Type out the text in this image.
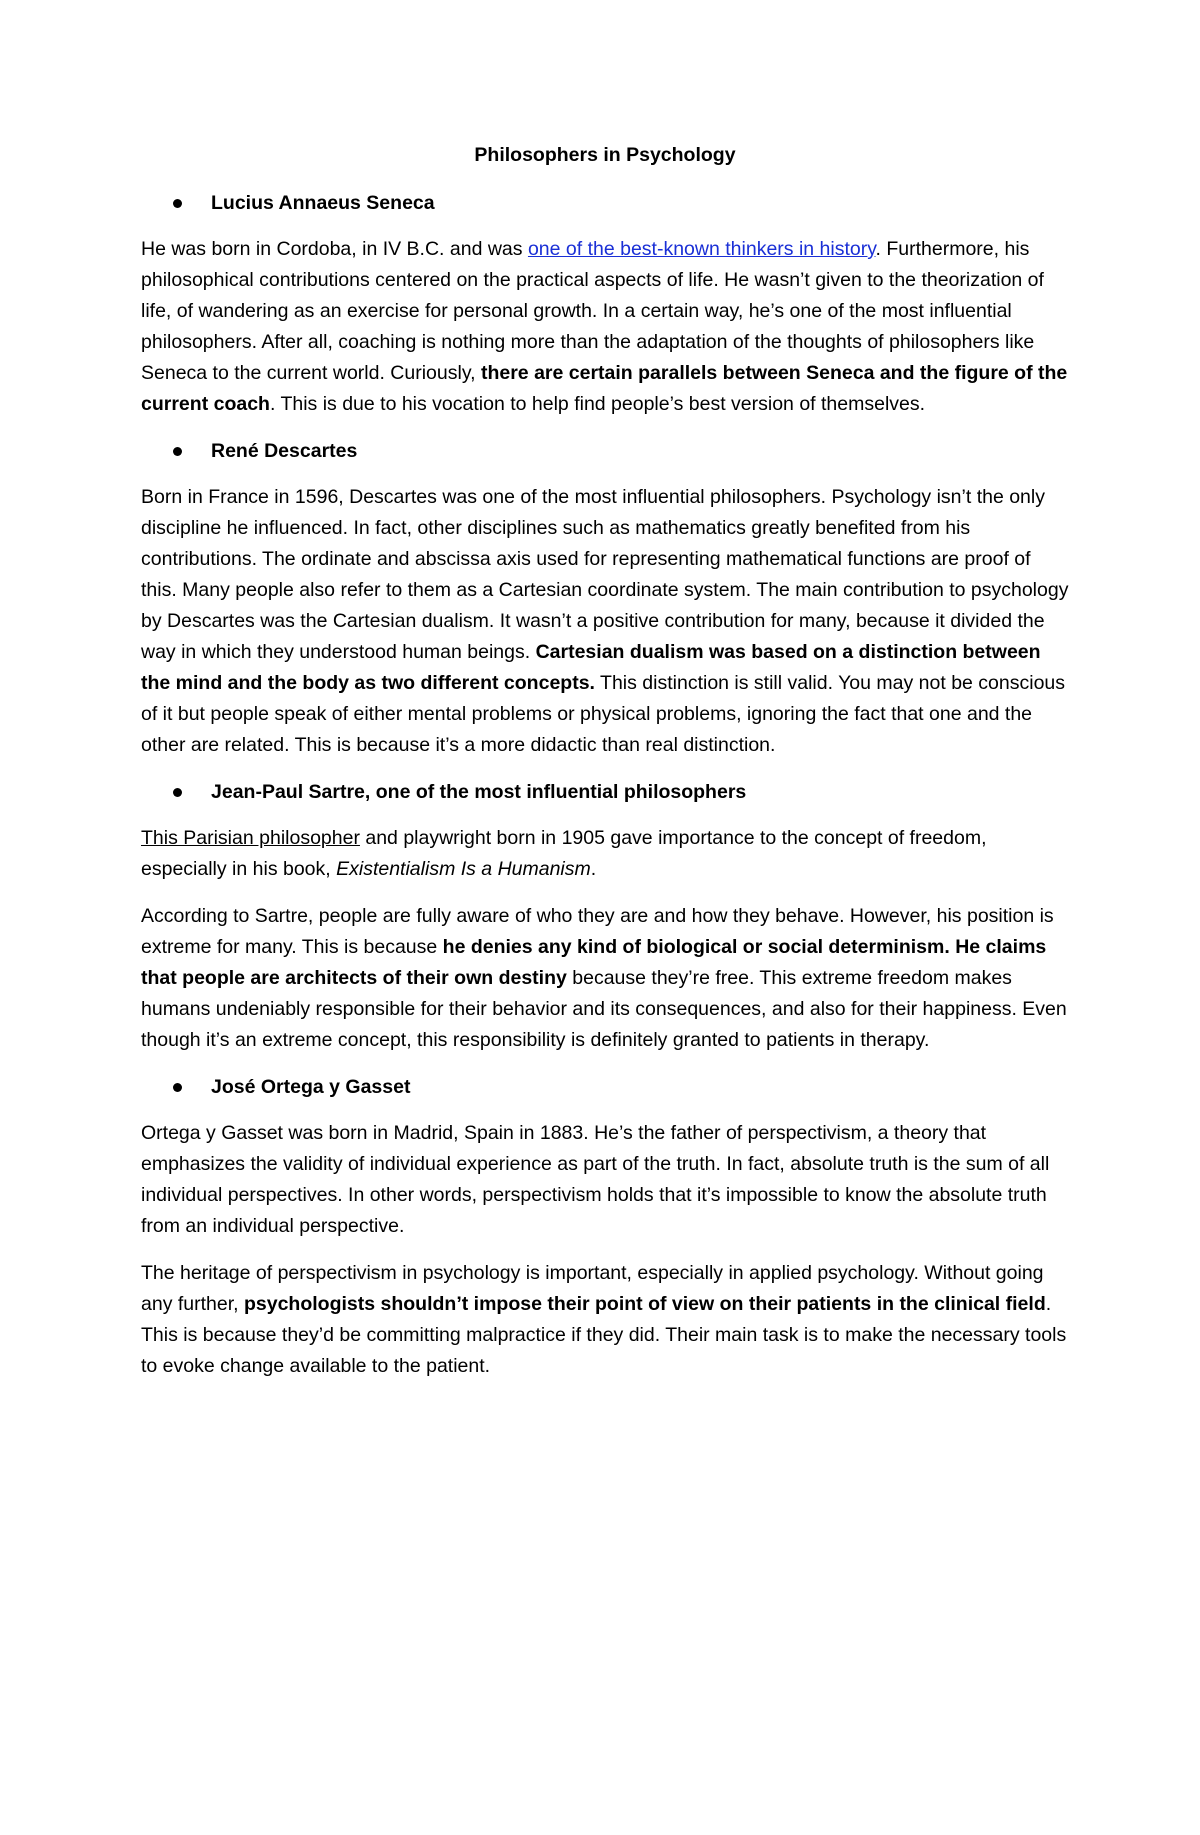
Philosophers in Psychology
Lucius Annaeus Seneca

He was born in Cordoba, in IV B.C. and was one of the best-known thinkers in history. Furthermore, his philosophical contributions centered on the practical aspects of life. He wasn’t given to the theorization of life, of wandering as an exercise for personal growth. In a certain way, he’s one of the most influential philosophers. After all, coaching is nothing more than the adaptation of the thoughts of philosophers like Seneca to the current world. Curiously, there are certain parallels between Seneca and the figure of the current coach. This is due to his vocation to help find people’s best version of themselves.

René Descartes

Born in France in 1596, Descartes was one of the most influential philosophers. Psychology isn’t the only discipline he influenced. In fact, other disciplines such as mathematics greatly benefited from his contributions. The ordinate and abscissa axis used for representing mathematical functions are proof of this. Many people also refer to them as a Cartesian coordinate system. The main contribution to psychology by Descartes was the Cartesian dualism. It wasn’t a positive contribution for many, because it divided the way in which they understood human beings. Cartesian dualism was based on a distinction between the mind and the body as two different concepts. This distinction is still valid. You may not be conscious of it but people speak of either mental problems or physical problems, ignoring the fact that one and the other are related. This is because it’s a more didactic than real distinction.

Jean-Paul Sartre, one of the most influential philosophers

This Parisian philosopher and playwright born in 1905 gave importance to the concept of freedom, especially in his book, Existentialism Is a Humanism.

According to Sartre, people are fully aware of who they are and how they behave. However, his position is extreme for many. This is because he denies any kind of biological or social determinism. He claims that people are architects of their own destiny because they’re free. This extreme freedom makes humans undeniably responsible for their behavior and its consequences, and also for their happiness. Even though it’s an extreme concept, this responsibility is definitely granted to patients in therapy.

José Ortega y Gasset

Ortega y Gasset was born in Madrid, Spain in 1883. He’s the father of perspectivism, a theory that emphasizes the validity of individual experience as part of the truth. In fact, absolute truth is the sum of all individual perspectives. In other words, perspectivism holds that it’s impossible to know the absolute truth from an individual perspective.

The heritage of perspectivism in psychology is important, especially in applied psychology. Without going any further, psychologists shouldn’t impose their point of view on their patients in the clinical field. This is because they’d be committing malpractice if they did. Their main task is to make the necessary tools to evoke change available to the patient.
